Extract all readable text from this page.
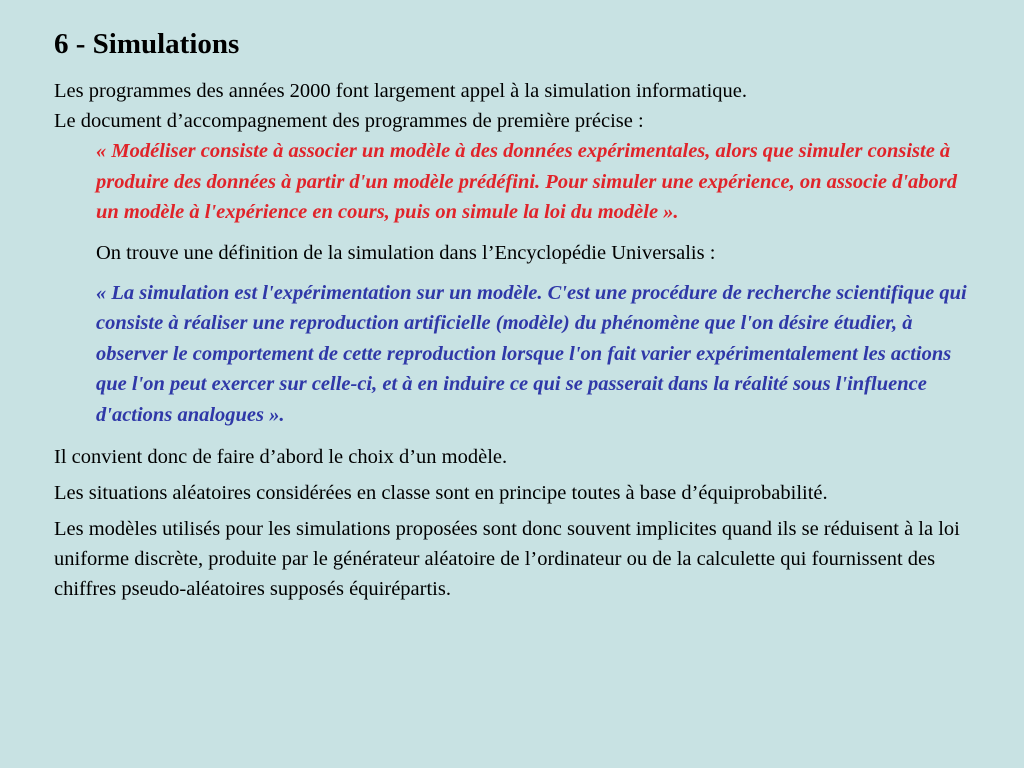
6 - Simulations

Les programmes des années 2000 font largement appel à la simulation informatique.

Le document d’accompagnement des programmes de première précise :

« Modéliser consiste à associer un modèle à des données expérimentales, alors que simuler consiste à produire des données à partir d'un modèle prédéfini. Pour simuler une expérience, on associe d'abord un modèle à l'expérience en cours, puis on simule la loi du modèle ».

On trouve une définition de la simulation dans l’Encyclopédie Universalis :

« La simulation est l'expérimentation sur un modèle. C'est une procédure de recherche scientifique qui consiste à réaliser une reproduction artificielle (modèle) du phénomène que l'on désire étudier, à observer le comportement de cette reproduction lorsque l'on fait varier expérimentalement les actions que l'on peut exercer sur celle-ci, et à en induire ce qui se passerait dans la réalité sous l'influence d'actions analogues ».

Il convient donc de faire d’abord le choix d’un modèle.

Les situations aléatoires considérées en classe sont en principe toutes à base d’équiprobabilité.

Les modèles utilisés pour les simulations proposées sont donc souvent implicites quand ils se réduisent à la loi uniforme discrète, produite par le générateur aléatoire de l’ordinateur ou de la calculette qui fournissent des chiffres pseudo-aléatoires supposés équirépartis.
